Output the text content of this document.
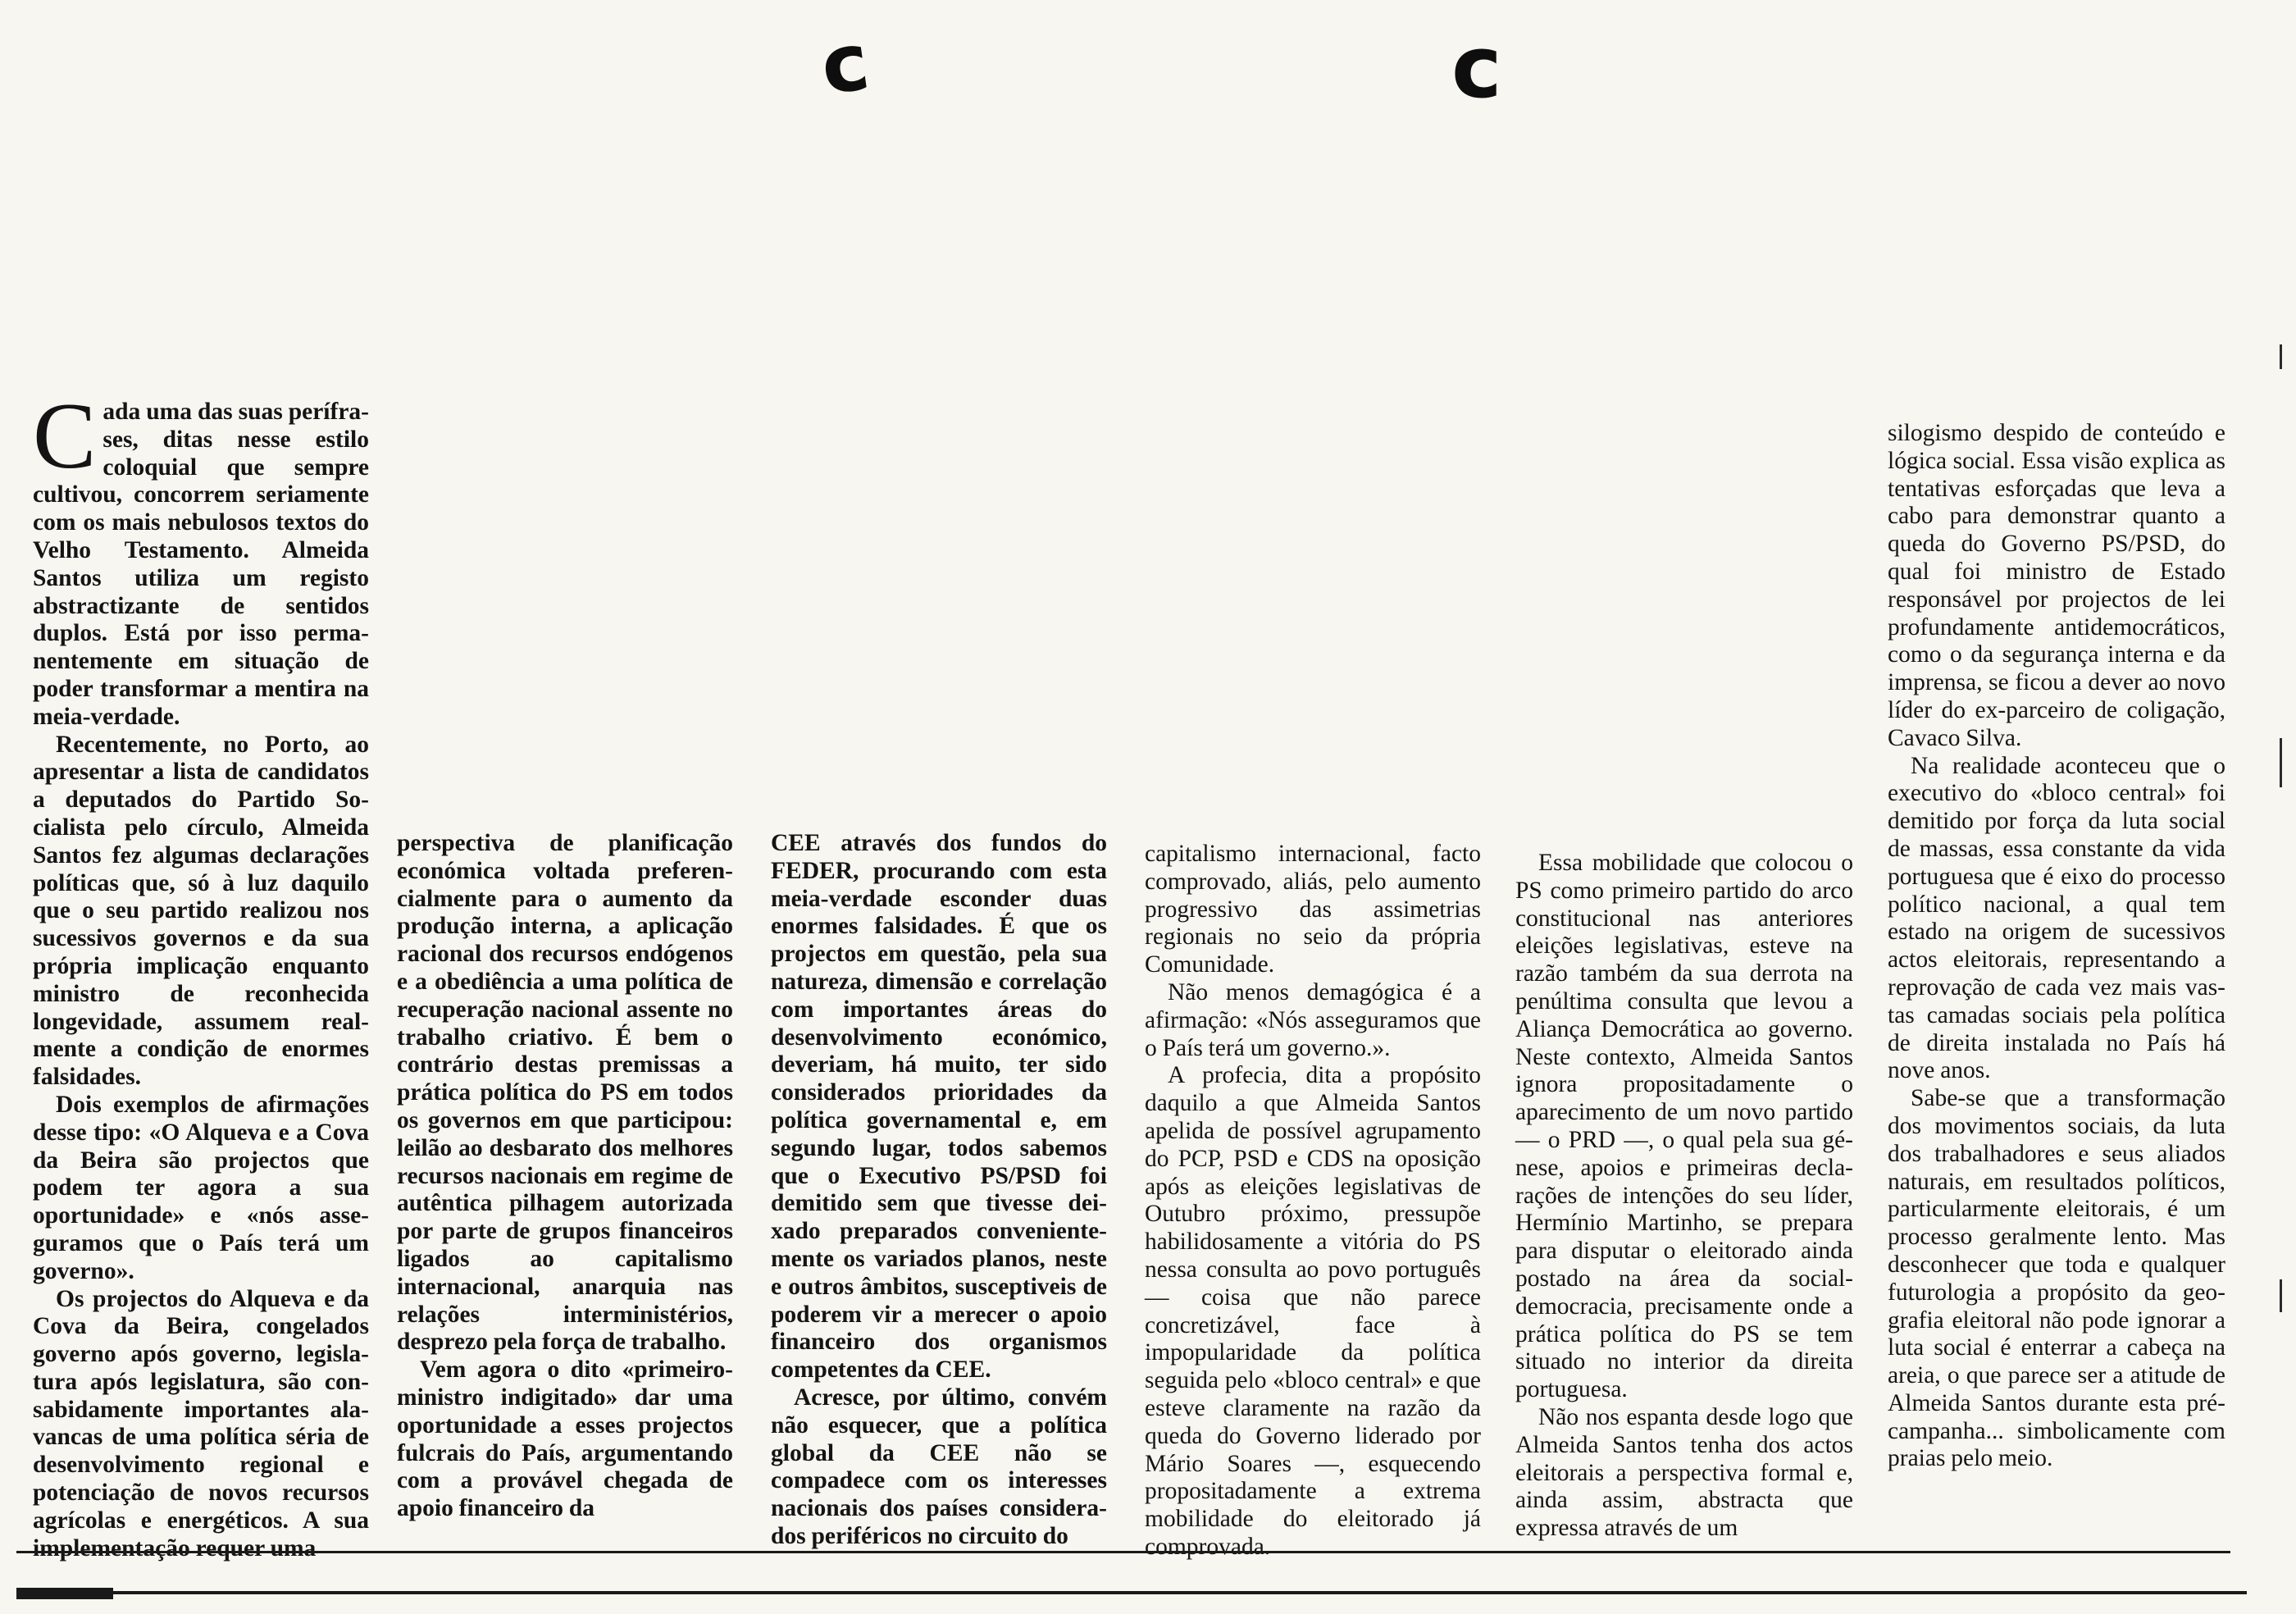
c	c

Cada uma das suas perífrases, ditas nesse estilo coloquial que sempre cultivou, concorrem seriamente com os mais nebulosos textos do Velho Testamento. Almeida Santos utiliza um registo abstractizante de sentidos duplos. Está por isso permanentemente em situação de poder transformar a mentira na meia-verdade.

Recentemente, no Porto, ao apresentar a lista de candidatos a deputados do Partido Socialista pelo círculo, Almeida Santos fez algumas declarações políticas que, só à luz daquilo que o seu partido realizou nos sucessivos governos e da sua própria implicação enquanto ministro de reconhecida longevidade, assumem realmente a condição de enormes falsidades.

Dois exemplos de afirmações desse tipo: «O Alqueva e a Cova da Beira são projectos que podem ter agora a sua oportunidade» e «nós asseguramos que o País terá um governo».

Os projectos do Alqueva e da Cova da Beira, congelados governo após governo, legislatura após legislatura, são consabidamente importantes alavancas de uma política séria de desenvolvimento regional e potenciação de novos recursos agrícolas e energéticos. A sua implementação requer uma

perspectiva de planificação económica voltada preferencialmente para o aumento da produção interna, a aplicação racional dos recursos endógenos e a obediência a uma política de recuperação nacional assente no trabalho criativo. É bem o contrário destas premissas a prática política do PS em todos os governos em que participou: leilão ao desbarato dos melhores recursos nacionais em regime de autêntica pilhagem autorizada por parte de grupos financeiros ligados ao capitalismo internacional, anarquia nas relações interministérios, desprezo pela força de trabalho.

Vem agora o dito «primeiro-ministro indigitado» dar uma oportunidade a esses projectos fulcrais do País, argumentando com a provável chegada de apoio financeiro da

CEE através dos fundos do FEDER, procurando com esta meia-verdade esconder duas enormes falsidades. É que os projectos em questão, pela sua natureza, dimensão e correlação com importantes áreas do desenvolvimento económico, deveriam, há muito, ter sido considerados prioridades da política governamental e, em segundo lugar, todos sabemos que o Executivo PS/PSD foi demitido sem que tivesse deixado preparados convenientemente os variados planos, neste e outros âmbitos, susceptiveis de poderem vir a merecer o apoio financeiro dos organismos competentes da CEE.

Acresce, por último, convém não esquecer, que a política global da CEE não se compadece com os interesses nacionais dos países considerados periféricos no circuito do

capitalismo internacional, facto comprovado, aliás, pelo aumento progressivo das assimetrias regionais no seio da própria Comunidade.

Não menos demagógica é a afirmação: «Nós asseguramos que o País terá um governo.».

A profecia, dita a propósito daquilo a que Almeida Santos apelida de possível agrupamento do PCP, PSD e CDS na oposição após as eleições legislativas de Outubro próximo, pressupõe habilidosamente a vitória do PS nessa consulta ao povo português — coisa que não parece concretizável, face à impopularidade da política seguida pelo «bloco central» e que esteve claramente na razão da queda do Governo liderado por Mário Soares —, esquecendo propositadamente a extrema mobilidade do eleitorado já comprovada.

Essa mobilidade que colocou o PS como primeiro partido do arco constitucional nas anteriores eleições legislativas, esteve na razão também da sua derrota na penúltima consulta que levou a Aliança Democrática ao governo. Neste contexto, Almeida Santos ignora propositadamente o aparecimento de um novo partido — o PRD —, o qual pela sua génese, apoios e primeiras declarações de intenções do seu líder, Hermínio Martinho, se prepara para disputar o eleitorado ainda postado na área da social-democracia, precisamente onde a prática política do PS se tem situado no interior da direita portuguesa.

Não nos espanta desde logo que Almeida Santos tenha dos actos eleitorais a perspectiva formal e, ainda assim, abstracta que expressa através de um

silogismo despido de conteúdo e lógica social. Essa visão explica as tentativas esforçadas que leva a cabo para demonstrar quanto a queda do Governo PS/PSD, do qual foi ministro de Estado responsável por projectos de lei profundamente antidemocráticos, como o da segurança interna e da imprensa, se ficou a dever ao novo líder do ex-parceiro de coligação, Cavaco Silva.

Na realidade aconteceu que o executivo do «bloco central» foi demitido por força da luta social de massas, essa constante da vida portuguesa que é eixo do processo político nacional, a qual tem estado na origem de sucessivos actos eleitorais, representando a reprovação de cada vez mais vastas camadas sociais pela política de direita instalada no País há nove anos.

Sabe-se que a transformação dos movimentos sociais, da luta dos trabalhadores e seus aliados naturais, em resultados políticos, particularmente eleitorais, é um processo geralmente lento. Mas desconhecer que toda e qualquer futurologia a propósito da geografia eleitoral não pode ignorar a luta social é enterrar a cabeça na areia, o que parece ser a atitude de Almeida Santos durante esta pré-campanha... simbolicamente com praias pelo meio.
